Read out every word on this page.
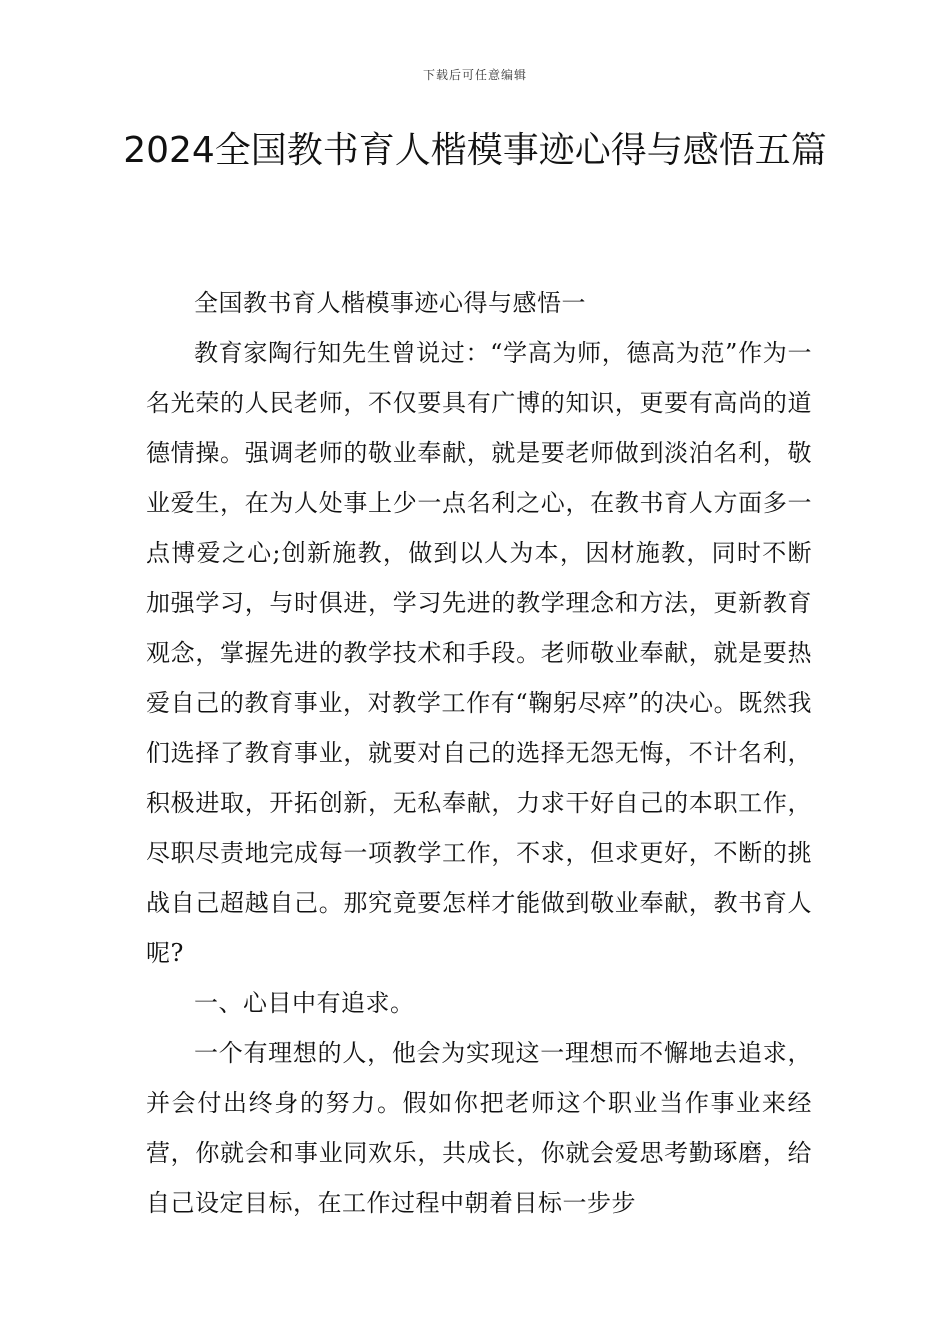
下载后可任意编辑
2024全国教书育人楷模事迹心得与感悟五篇

全国教书育人楷模事迹心得与感悟一

教育家陶行知先生曾说过：“学高为师，德高为范”作为一名光荣的人民老师，不仅要具有广博的知识，更要有高尚的道德情操。强调老师的敬业奉献，就是要老师做到淡泊名利，敬业爱生，在为人处事上少一点名利之心，在教书育人方面多一点博爱之心;创新施教，做到以人为本，因材施教，同时不断加强学习，与时俱进，学习先进的教学理念和方法，更新教育观念，掌握先进的教学技术和手段。老师敬业奉献，就是要热爱自己的教育事业，对教学工作有“鞠躬尽瘁”的决心。既然我们选择了教育事业，就要对自己的选择无怨无悔，不计名利，积极进取，开拓创新，无私奉献，力求干好自己的本职工作，尽职尽责地完成每一项教学工作，不求，但求更好，不断的挑战自己超越自己。那究竟要怎样才能做到敬业奉献，教书育人呢?

一、心目中有追求。

一个有理想的人，他会为实现这一理想而不懈地去追求，并会付出终身的努力。假如你把老师这个职业当作事业来经营，你就会和事业同欢乐，共成长，你就会爱思考勤琢磨，给自己设定目标，在工作过程中朝着目标一步步
